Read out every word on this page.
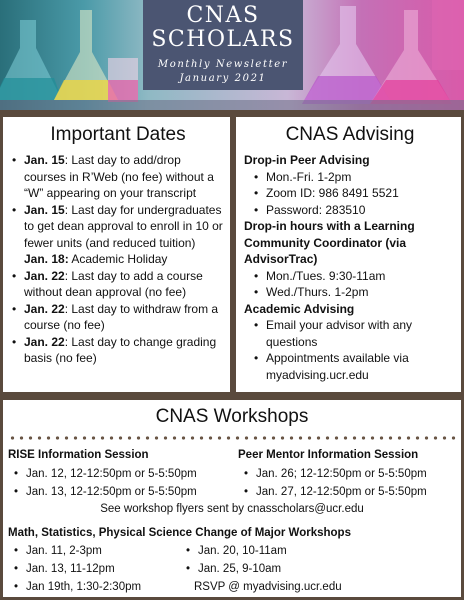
CNAS
SCHOLARS
Monthly Newsletter
January 2021
Important Dates
• Jan. 15: Last day to add/drop courses in R’Web (no fee) without a “W” appearing on your transcript
• Jan. 15: Last day for undergraduates to get dean approval to enroll in 10 or fewer units (and reduced tuition)
Jan. 18: Academic Holiday
• Jan. 22: Last day to add a course without dean approval (no fee)
• Jan. 22: Last day to withdraw from a course (no fee)
• Jan. 22: Last day to change grading basis (no fee)
CNAS Advising
Drop-in Peer Advising
• Mon.-Fri. 1-2pm
• Zoom ID: 986 8491 5521
• Password: 283510
Drop-in hours with a Learning Community Coordinator (via AdvisorTrac)
• Mon./Tues. 9:30-11am
• Wed./Thurs. 1-2pm
Academic Advising
• Email your advisor with any questions
• Appointments available via myadvising.ucr.edu
CNAS Workshops
RISE Information Session
• Jan. 12, 12-12:50pm or 5-5:50pm
• Jan. 13, 12-12:50pm or 5-5:50pm
Peer Mentor Information Session
• Jan. 26; 12-12:50pm or 5-5:50pm
• Jan. 27, 12-12:50pm or 5-5:50pm
See workshop flyers sent by cnasscholars@ucr.edu
Math, Statistics, Physical Science Change of Major Workshops
• Jan. 11, 2-3pm
• Jan. 13, 11-12pm
• Jan 19th, 1:30-2:30pm
• Jan. 20, 10-11am
• Jan. 25, 9-10am
RSVP @ myadvising.ucr.edu
